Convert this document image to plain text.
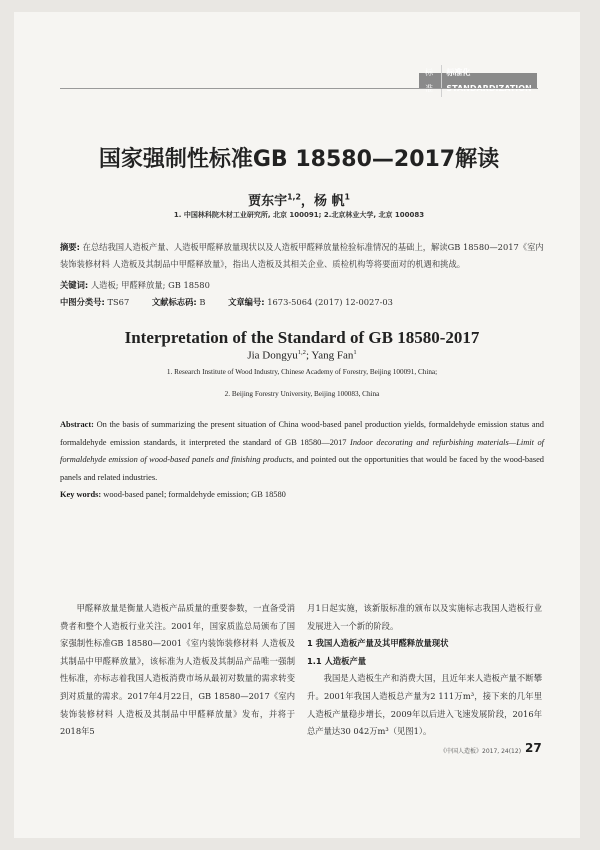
标	标准化
国家强制性标准GB 18580—2017解读
贾东宇$^{1,2}$，杨 帆$^1$
1. 中国林科院木材工业研究所, 北京 100091; 2.北京林业大学, 北京 100083
摘要: 在总结我国人造板产量、人造板甲醛释放量现状以及人造板甲醛释放量检验标准情况的基础上，解读GB 18580—2017《室内装饰装修材料 人造板及其制品中甲醛释放量》，指出人造板及其相关企业、质检机构等将要面对的机遇和挑战。
关键词: 人造板; 甲醛释放量; GB 18580
中图分类号: TS67	文献标志码: B	文章编号: 1673-5064 (2017) 12-0027-03
Interpretation of the Standard of GB 18580-2017
Jia Dongyu$^{1,2}$; Yang Fan$^1$
1. Research Institute of Wood Industry, Chinese Academy of Forestry, Beijing 100091, China;
2. Beijing Forestry University, Beijing 100083, China
Abstract: On the basis of summarizing the present situation of China wood-based panel production yields, formaldehyde emission status and formaldehyde emission standards, it interpreted the standard of GB 18580—2017 Indoor decorating and refurbishing materials—Limit of formaldehyde emission of wood-based panels and finishing products, and pointed out the opportunities that would be faced by the wood-based panels and related industries.
Key words: wood-based panel; formaldehyde emission; GB 18580
甲醛释放量是衡量人造板产品质量的重要参数，一直备受消费者和整个人造板行业关注。2001年，国家质监总局颁布了国家强制性标准GB 18580—2001《室内装饰装修材料 人造板及其制品中甲醛释放量》，该标准为人造板及其制品产品唯一强制性标准，亦标志着我国人造板消费市场从最初对数量的需求转变到对质量的需求。2017年4月22日，GB 18580—2017《室内装饰装修材料 人造板及其制品中甲醛释放量》发布，并将于2018年5

月1日起实施，该新版标准的颁布以及实施标志我国人造板行业发展进入一个新的阶段。

1 我国人造板产量及其甲醛释放量现状

1.1 人造板产量

我国是人造板生产和消费大国，且近年来人造板产量不断攀升。2001年我国人造板总产量为2 111万m³，接下来的几年里人造板产量稳步增长，2009年以后进入飞速发展阶段，2016年总产量达30 042万m³（见图1）。

《中国人造板》2017, 24(12) 27
